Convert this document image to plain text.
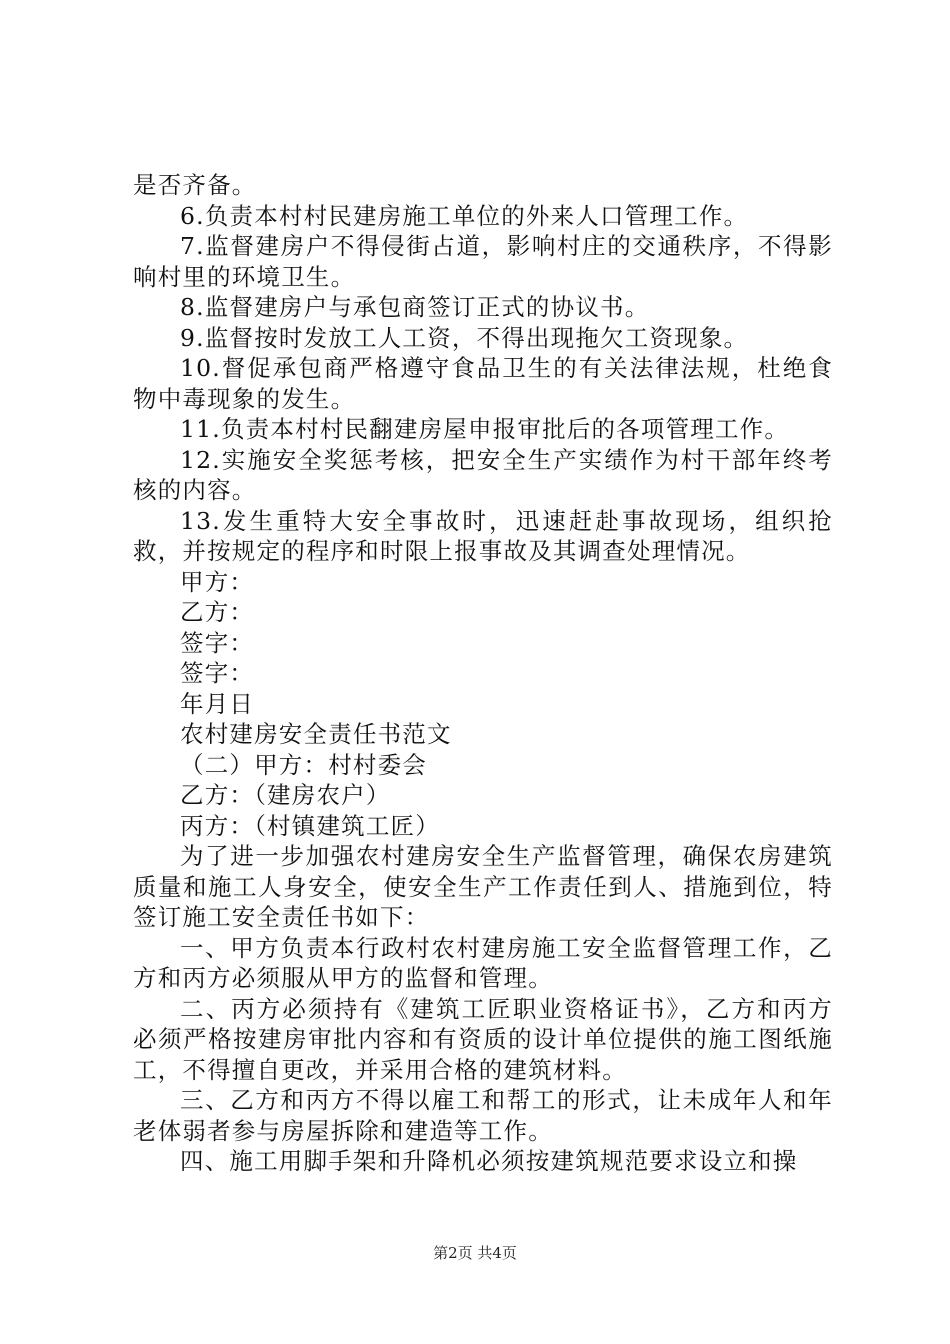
是否齐备。

6.负责本村村民建房施工单位的外来人口管理工作。

7.监督建房户不得侵街占道，影响村庄的交通秩序，不得影响村里的环境卫生。

8.监督建房户与承包商签订正式的协议书。

9.监督按时发放工人工资，不得出现拖欠工资现象。

10.督促承包商严格遵守食品卫生的有关法律法规，杜绝食物中毒现象的发生。

11.负责本村村民翻建房屋申报审批后的各项管理工作。

12.实施安全奖惩考核，把安全生产实绩作为村干部年终考核的内容。

13.发生重特大安全事故时，迅速赶赴事故现场，组织抢救，并按规定的程序和时限上报事故及其调查处理情况。

甲方：

乙方：

签字：

签字：

年月日

农村建房安全责任书范文

（二）甲方：村村委会

乙方：（建房农户）

丙方：（村镇建筑工匠）

为了进一步加强农村建房安全生产监督管理，确保农房建筑质量和施工人身安全，使安全生产工作责任到人、措施到位，特签订施工安全责任书如下：

一、甲方负责本行政村农村建房施工安全监督管理工作，乙方和丙方必须服从甲方的监督和管理。

二、丙方必须持有《建筑工匠职业资格证书》，乙方和丙方必须严格按建房审批内容和有资质的设计单位提供的施工图纸施工，不得擅自更改，并采用合格的建筑材料。

三、乙方和丙方不得以雇工和帮工的形式，让未成年人和年老体弱者参与房屋拆除和建造等工作。

四、施工用脚手架和升降机必须按建筑规范要求设立和操

第2页 共4页
